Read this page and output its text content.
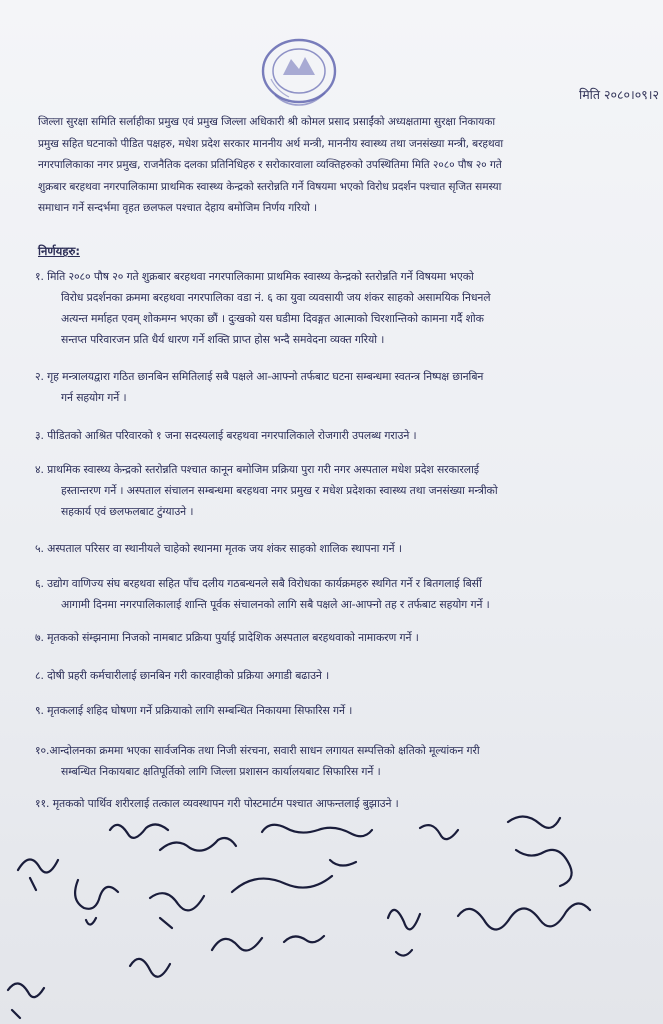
मिति २०८०।०९।२
जिल्ला सुरक्षा समिति सर्लाहीका प्रमुख एवं प्रमुख जिल्ला अधिकारी श्री कोमल प्रसाद प्रसाईंको अध्यक्षतामा सुरक्षा निकायका
प्रमुख सहित घटनाको पीडित पक्षहरु, मधेश प्रदेश सरकार माननीय अर्थ मन्त्री, माननीय स्वास्थ्य तथा जनसंख्या मन्त्री, बरहथवा
नगरपालिकाका नगर प्रमुख, राजनैतिक दलका प्रतिनिधिहरु र सरोकारवाला व्यक्तिहरुको उपस्थितिमा मिति २०८० पौष २० गते
शुक्रबार बरहथवा नगरपालिकामा प्राथमिक स्वास्थ्य केन्द्रको स्तरोन्नति गर्ने विषयमा भएको विरोध प्रदर्शन पश्चात सृजित समस्या
समाधान गर्ने सन्दर्भमा वृहत छलफल पश्चात देहाय बमोजिम निर्णय गरियो ।
निर्णयहरु:
१. मिति २०८० पौष २० गते शुक्रबार बरहथवा नगरपालिकामा प्राथमिक स्वास्थ्य केन्द्रको स्तरोन्नति गर्ने विषयमा भएको
विरोध प्रदर्शनका क्रममा बरहथवा नगरपालिका वडा नं. ६ का युवा व्यवसायी जय शंकर साहको असामयिक निधनले
अत्यन्त मर्माहत एवम् शोकमग्न भएका छौं । दुःखको यस घडीमा दिवङ्गत आत्माको चिरशान्तिको कामना गर्दै शोक
सन्तप्त परिवारजन प्रति धैर्य धारण गर्ने शक्ति प्राप्त होस भन्दै समवेदना व्यक्त गरियो ।
२. गृह मन्त्रालयद्वारा गठित छानबिन समितिलाई सबै पक्षले आ-आफ्नो तर्फबाट घटना सम्बन्धमा स्वतन्त्र निष्पक्ष छानबिन
गर्न सहयोग गर्ने ।
३. पीडितको आश्रित परिवारको १ जना सदस्यलाई बरहथवा नगरपालिकाले रोजगारी उपलब्ध गराउने ।
४. प्राथमिक स्वास्थ्य केन्द्रको स्तरोन्नति पश्चात कानून बमोजिम प्रक्रिया पुरा गरी नगर अस्पताल मधेश प्रदेश सरकारलाई
हस्तान्तरण गर्ने । अस्पताल संचालन सम्बन्धमा बरहथवा नगर प्रमुख र मधेश प्रदेशका स्वास्थ्य तथा जनसंख्या मन्त्रीको
सहकार्य एवं छलफलबाट टुंग्याउने ।
५. अस्पताल परिसर वा स्थानीयले चाहेको स्थानमा मृतक जय शंकर साहको शालिक स्थापना गर्ने ।
६. उद्योग वाणिज्य संघ बरहथवा सहित पाँच दलीय गठबन्धनले सबै विरोधका कार्यक्रमहरु स्थगित गर्ने र बितगलाई बिर्सी
आगामी दिनमा नगरपालिकालाई शान्ति पूर्वक संचालनको लागि सबै पक्षले आ-आफ्नो तह र तर्फबाट सहयोग गर्ने ।
७. मृतकको संम्झनामा निजको नामबाट प्रक्रिया पुर्याई प्रादेशिक अस्पताल बरहथवाको नामाकरण गर्ने ।
८. दोषी प्रहरी कर्मचारीलाई छानबिन गरी कारवाहीको प्रक्रिया अगाडी बढाउने ।
९. मृतकलाई शहिद घोषणा गर्ने प्रक्रियाको लागि सम्बन्धित निकायमा सिफारिस गर्ने ।
१०.आन्दोलनका क्रममा भएका सार्वजनिक तथा निजी संरचना, सवारी साधन लगायत सम्पत्तिको क्षतिको मूल्यांकन गरी
सम्बन्धित निकायबाट क्षतिपूर्तिको लागि जिल्ला प्रशासन कार्यालयबाट सिफारिस गर्ने ।
११. मृतकको पार्थिव शरीरलाई तत्काल व्यवस्थापन गरी पोस्टमार्टम पश्चात आफन्तलाई बुझाउने ।
